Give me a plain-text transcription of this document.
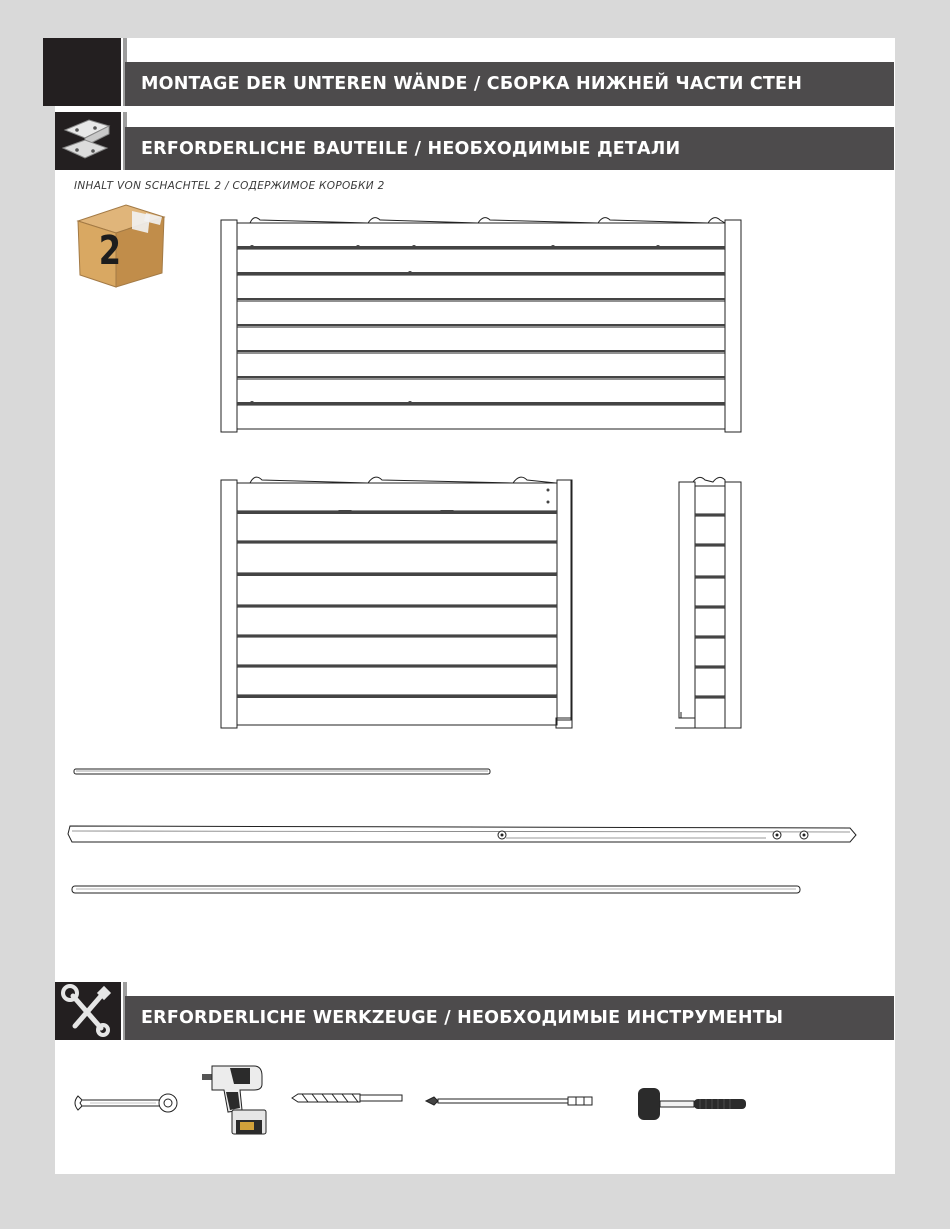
MONTAGE DER UNTEREN WÄNDE / СБОРКА НИЖНЕЙ ЧАСТИ СТЕН
ERFORDERLICHE BAUTEILE / НЕОБХОДИМЫЕ ДЕТАЛИ
INHALT VON SCHACHTEL 2 / СОДЕРЖИМОЕ КОРОБКИ 2
2
ERFORDERLICHE WERKZEUGE / НЕОБХОДИМЫЕ ИНСТРУМЕНТЫ
